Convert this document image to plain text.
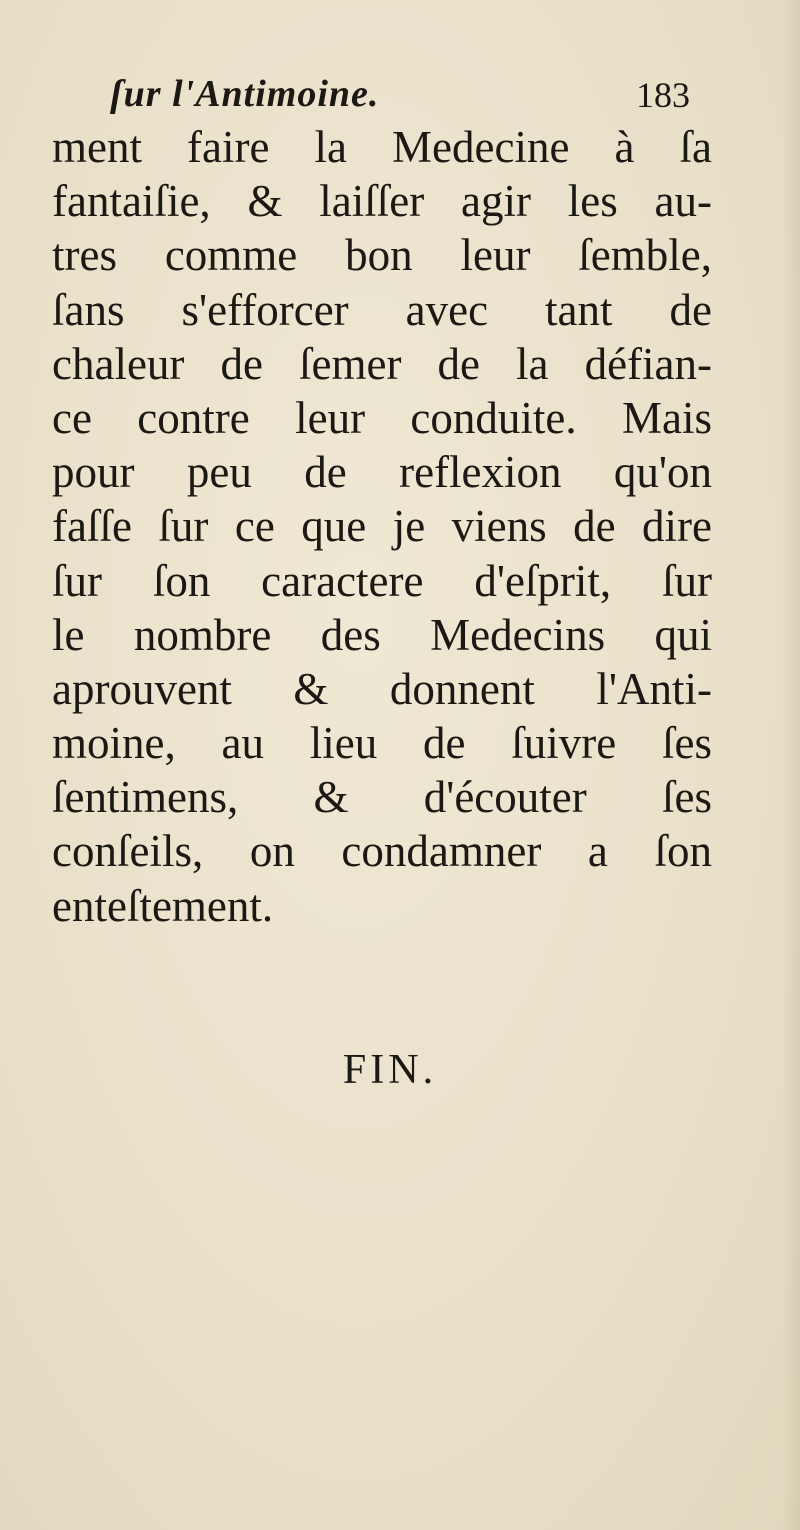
ſur l'Antimoine.	183
ment faire la Medecine à ſa
fantaiſie, & laiſſer agir les au-
tres comme bon leur ſemble,
ſans s'efforcer avec tant de
chaleur de ſemer de la défian-
ce contre leur conduite. Mais
pour peu de reflexion qu'on
faſſe ſur ce que je viens de dire
ſur ſon caractere d'eſprit, ſur
le nombre des Medecins qui
aprouvent & donnent l'Anti-
moine, au lieu de ſuivre ſes
ſentimens, & d'écouter ſes
conſeils, on condamner a ſon
enteſtement.
FIN.
